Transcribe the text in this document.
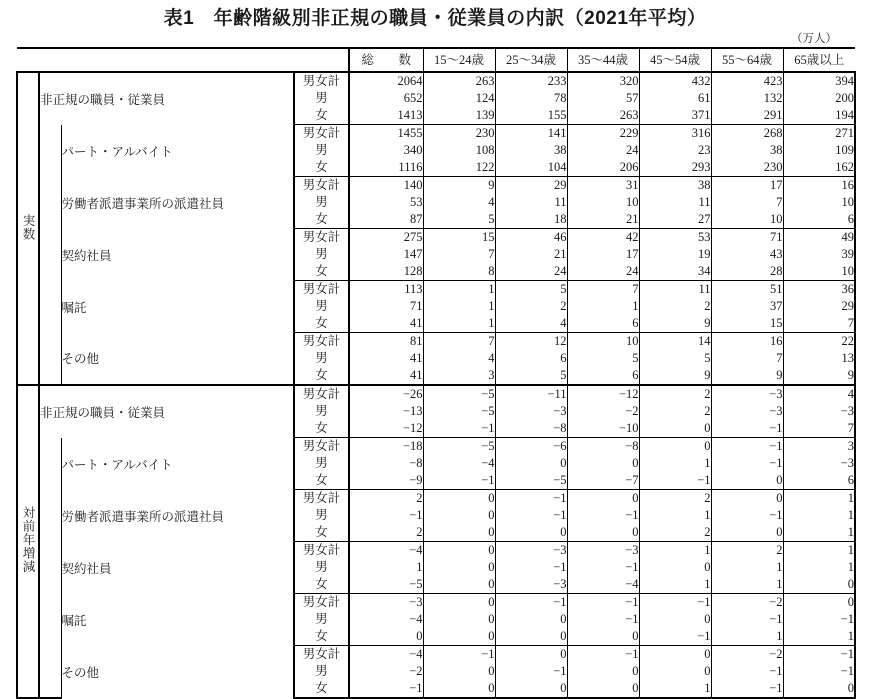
表1　年齢階級別非正規の職員・従業員の内訳（2021年平均）
（万人）
				総　数	15〜24歳	25〜34歳	35〜44歳	45〜54歳	55〜64歳	65歳以上
実数	非正規の職員・従業員		男女計	2064	263	233	320	432	423	394
			男	652	124	78	57	61	132	200
			女	1413	139	155	263	371	291	194
		パート・アルバイト	男女計	1455	230	141	229	316	268	271
			男	340	108	38	24	23	38	109
			女	1116	122	104	206	293	230	162
		労働者派遣事業所の派遣社員	男女計	140	9	29	31	38	17	16
			男	53	4	11	10	11	7	10
			女	87	5	18	21	27	10	6
		契約社員	男女計	275	15	46	42	53	71	49
			男	147	7	21	17	19	43	39
			女	128	8	24	24	34	28	10
		嘱託	男女計	113	1	5	7	11	51	36
			男	71	1	2	1	2	37	29
			女	41	1	4	6	9	15	7
		その他	男女計	81	7	12	10	14	16	22
			男	41	4	6	5	5	7	13
			女	41	3	5	6	9	9	9
対前年増減	非正規の職員・従業員		男女計	−26	−5	−11	−12	2	−3	4
			男	−13	−5	−3	−2	2	−3	−3
			女	−12	−1	−8	−10	0	−1	7
		パート・アルバイト	男女計	−18	−5	−6	−8	0	−1	3
			男	−8	−4	0	0	1	−1	−3
			女	−9	−1	−5	−7	−1	0	6
		労働者派遣事業所の派遣社員	男女計	2	0	−1	0	2	0	1
			男	−1	0	−1	−1	1	−1	1
			女	2	0	0	0	2	0	1
		契約社員	男女計	−4	0	−3	−3	1	2	1
			男	1	0	−1	−1	0	1	1
			女	−5	0	−3	−4	1	1	0
		嘱託	男女計	−3	0	−1	−1	−1	−2	0
			男	−4	0	0	−1	0	−1	−1
			女	0	0	0	0	−1	1	1
		その他	男女計	−4	−1	0	−1	0	−2	−1
			男	−2	0	−1	0	0	−1	−1
			女	−1	0	0	0	1	−1	0
